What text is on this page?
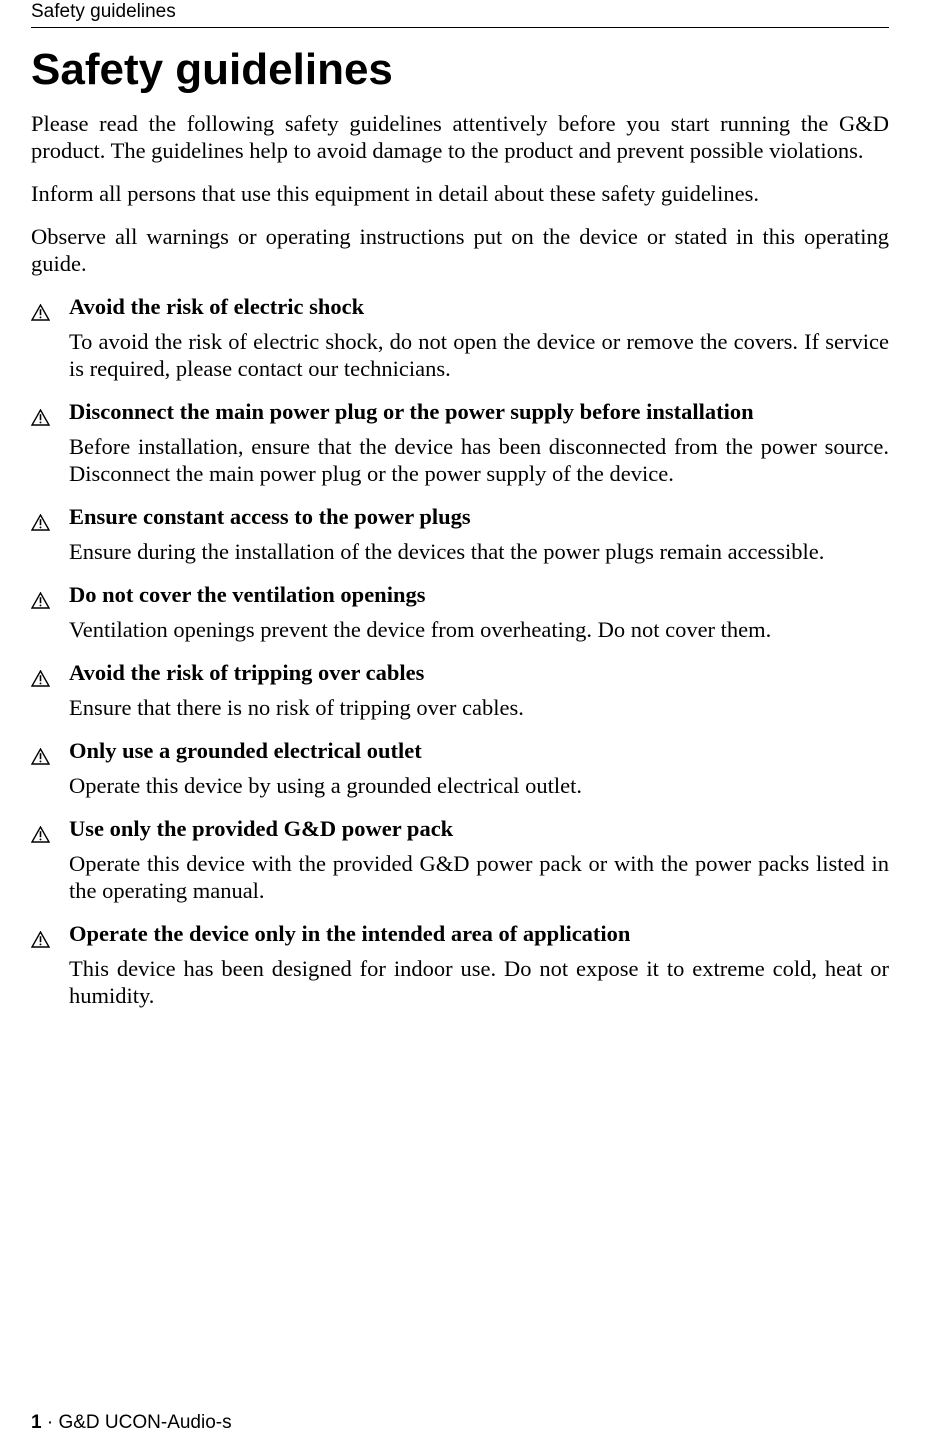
Safety guidelines
Safety guidelines

Please read the following safety guidelines attentively before you start running the G&D product. The guidelines help to avoid damage to the product and prevent possible violations.

Inform all persons that use this equipment in detail about these safety guidelines.

Observe all warnings or operating instructions put on the device or stated in this operating guide.

Avoid the risk of electric shock

To avoid the risk of electric shock, do not open the device or remove the covers. If service is required, please contact our technicians.

Disconnect the main power plug or the power supply before installation

Before installation, ensure that the device has been disconnected from the power source. Disconnect the main power plug or the power supply of the device.

Ensure constant access to the power plugs

Ensure during the installation of the devices that the power plugs remain accessible.

Do not cover the ventilation openings

Ventilation openings prevent the device from overheating. Do not cover them.

Avoid the risk of tripping over cables

Ensure that there is no risk of tripping over cables.

Only use a grounded electrical outlet

Operate this device by using a grounded electrical outlet.

Use only the provided G&D power pack

Operate this device with the provided G&D power pack or with the power packs listed in the operating manual.

Operate the device only in the intended area of application

This device has been designed for indoor use. Do not expose it to extreme cold, heat or humidity.

1 · G&D UCON-Audio-s
